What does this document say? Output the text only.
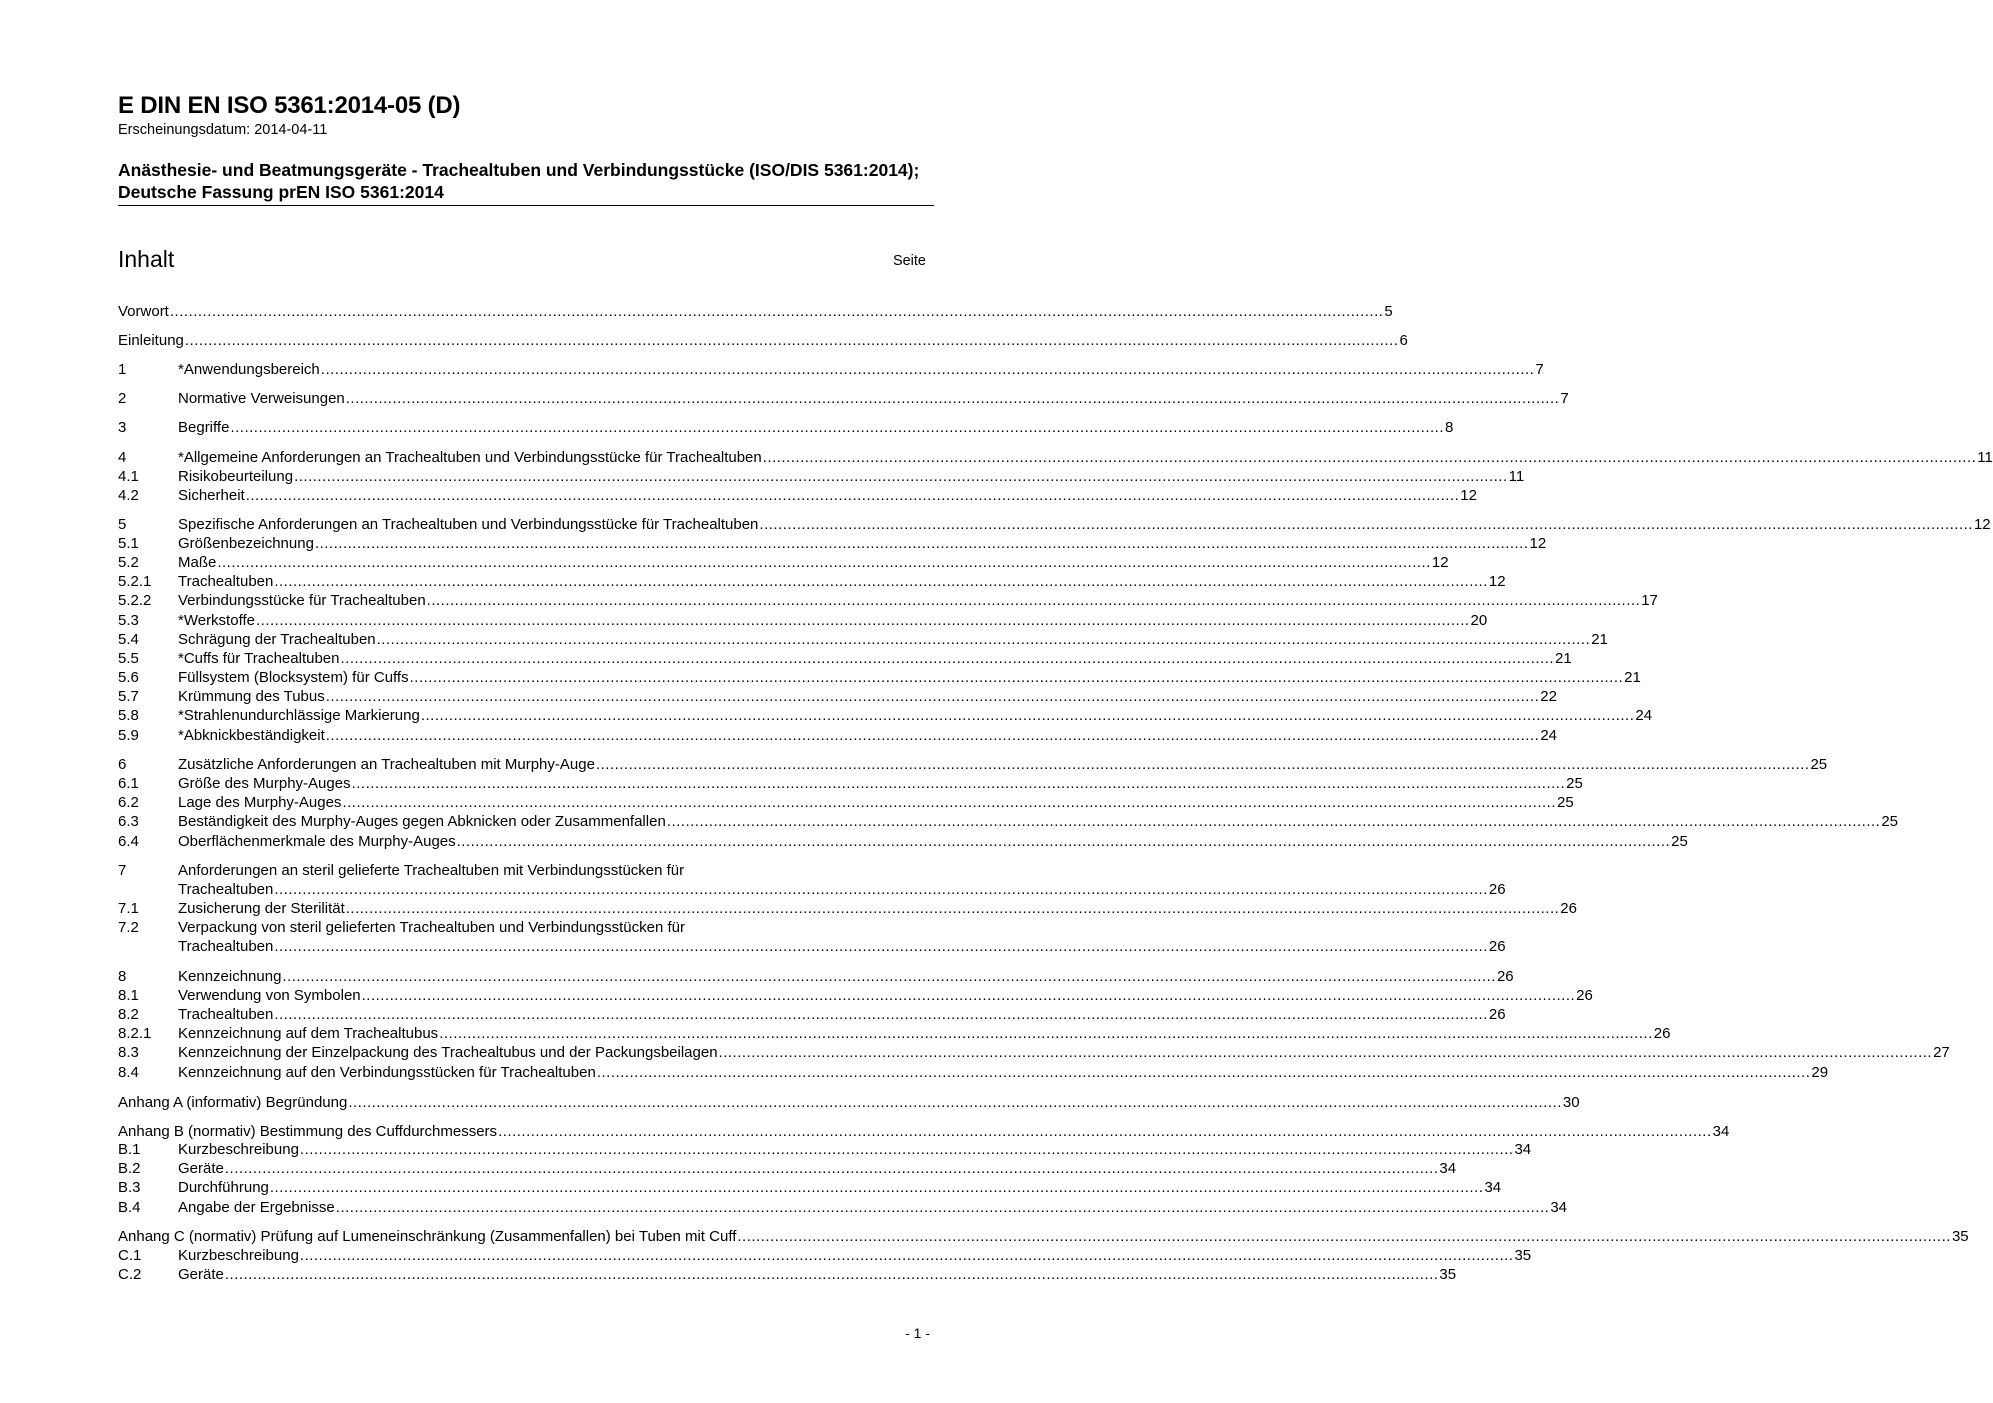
E DIN EN ISO 5361:2014-05 (D)
Erscheinungsdatum: 2014-04-11
Anästhesie- und Beatmungsgeräte - Trachealtuben und Verbindungsstücke (ISO/DIS 5361:2014); Deutsche Fassung prEN ISO 5361:2014
Inhalt	Seite
Vorwort .................................................................................................................................................................................................................................................................... 5
Einleitung .................................................................................................................................................................................................................................................................... 6
1	*Anwendungsbereich .................................................................................................................................................................................................................................................................... 7
2	Normative Verweisungen .................................................................................................................................................................................................................................................................... 7
3	Begriffe .................................................................................................................................................................................................................................................................... 8
4	*Allgemeine Anforderungen an Trachealtuben und Verbindungsstücke für Trachealtuben .................................................................................................................................................................................................................................................................... 11
4.1	Risikobeurteilung .................................................................................................................................................................................................................................................................... 11
4.2	Sicherheit .................................................................................................................................................................................................................................................................... 12
5	Spezifische Anforderungen an Trachealtuben und Verbindungsstücke für Trachealtuben .................................................................................................................................................................................................................................................................... 12
5.1	Größenbezeichnung .................................................................................................................................................................................................................................................................... 12
5.2	Maße .................................................................................................................................................................................................................................................................... 12
5.2.1 Trachealtuben .................................................................................................................................................................................................................................................................... 12
5.2.2 Verbindungsstücke für Trachealtuben .................................................................................................................................................................................................................................................................... 17
5.3	*Werkstoffe .................................................................................................................................................................................................................................................................... 20
5.4	Schrägung der Trachealtuben .................................................................................................................................................................................................................................................................... 21
5.5	*Cuffs für Trachealtuben .................................................................................................................................................................................................................................................................... 21
5.6	Füllsystem (Blocksystem) für Cuffs .................................................................................................................................................................................................................................................................... 21
5.7	Krümmung des Tubus .................................................................................................................................................................................................................................................................... 22
5.8	*Strahlenundurchlässige Markierung .................................................................................................................................................................................................................................................................... 24
5.9	*Abknickbeständigkeit .................................................................................................................................................................................................................................................................... 24
6	Zusätzliche Anforderungen an Trachealtuben mit Murphy-Auge .................................................................................................................................................................................................................................................................... 25
6.1	Größe des Murphy-Auges .................................................................................................................................................................................................................................................................... 25
6.2	Lage des Murphy-Auges .................................................................................................................................................................................................................................................................... 25
6.3	Beständigkeit des Murphy-Auges gegen Abknicken oder Zusammenfallen .................................................................................................................................................................................................................................................................... 25
6.4	Oberflächenmerkmale des Murphy-Auges .................................................................................................................................................................................................................................................................... 25
7	Anforderungen an steril gelieferte Trachealtuben mit Verbindungsstücken für
Trachealtuben .................................................................................................................................................................................................................................................................... 26
7.1	Zusicherung der Sterilität .................................................................................................................................................................................................................................................................... 26
7.2	Verpackung von steril gelieferten Trachealtuben und Verbindungsstücken für
Trachealtuben .................................................................................................................................................................................................................................................................... 26
8	Kennzeichnung .................................................................................................................................................................................................................................................................... 26
8.1	Verwendung von Symbolen .................................................................................................................................................................................................................................................................... 26
8.2	Trachealtuben .................................................................................................................................................................................................................................................................... 26
8.2.1 Kennzeichnung auf dem Trachealtubus .................................................................................................................................................................................................................................................................... 26
8.3	Kennzeichnung der Einzelpackung des Trachealtubus und der Packungsbeilagen .................................................................................................................................................................................................................................................................... 27
8.4	Kennzeichnung auf den Verbindungsstücken für Trachealtuben .................................................................................................................................................................................................................................................................... 29
Anhang A (informativ) Begründung .................................................................................................................................................................................................................................................................... 30
Anhang B (normativ) Bestimmung des Cuffdurchmessers .................................................................................................................................................................................................................................................................... 34
B.1 Kurzbeschreibung .................................................................................................................................................................................................................................................................... 34
B.2 Geräte .................................................................................................................................................................................................................................................................... 34
B.3 Durchführung .................................................................................................................................................................................................................................................................... 34
B.4 Angabe der Ergebnisse .................................................................................................................................................................................................................................................................... 34
Anhang C (normativ) Prüfung auf Lumeneinschränkung (Zusammenfallen) bei Tuben mit Cuff .................................................................................................................................................................................................................................................................... 35
C.1 Kurzbeschreibung .................................................................................................................................................................................................................................................................... 35
C.2 Geräte .................................................................................................................................................................................................................................................................... 35
- 1 -
